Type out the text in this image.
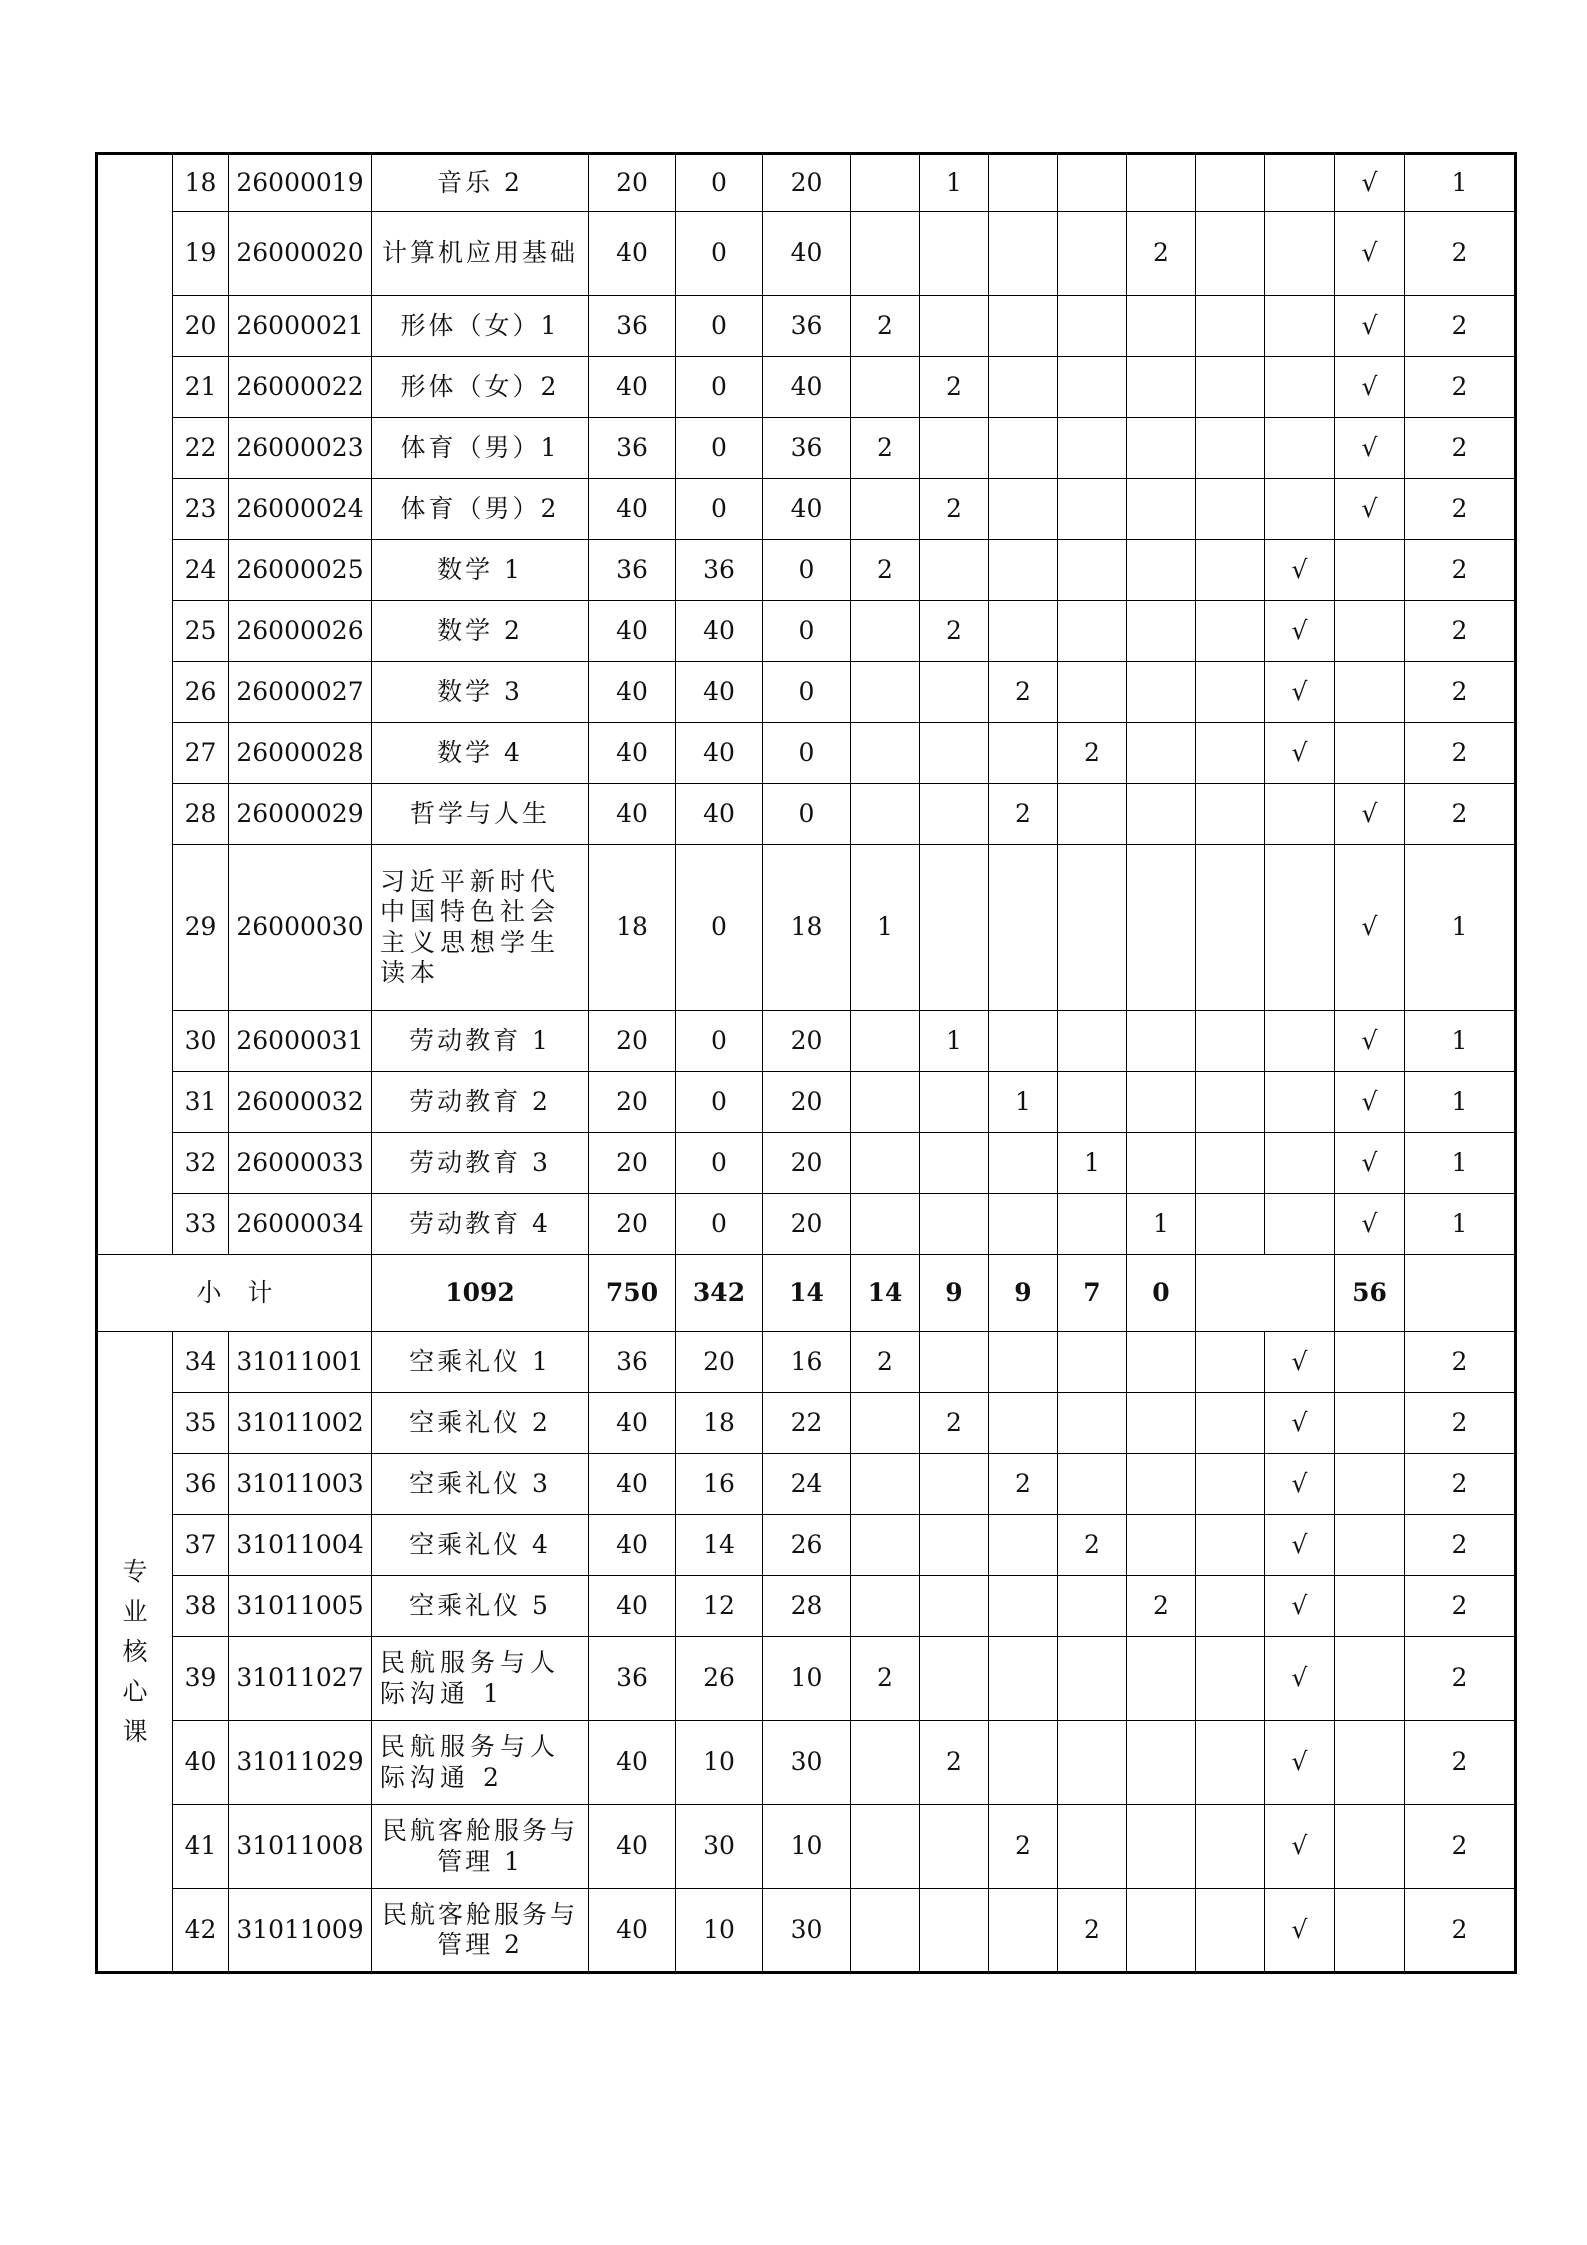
	18	26000019	音乐 2	20	0	20		1						√	1
	19	26000020	计算机应用基础	40	0	40					2			√	2
	20	26000021	形体（女）1	36	0	36	2							√	2
	21	26000022	形体（女）2	40	0	40		2						√	2
	22	26000023	体育（男）1	36	0	36	2							√	2
	23	26000024	体育（男）2	40	0	40		2						√	2
	24	26000025	数学 1	36	36	0	2						√		2
	25	26000026	数学 2	40	40	0		2					√		2
	26	26000027	数学 3	40	40	0			2				√		2
	27	26000028	数学 4	40	40	0				2			√		2
	28	26000029	哲学与人生	40	40	0			2					√	2
	29	26000030	习近平新时代中国特色社会主义思想学生读本	18	0	18	1							√	1
	30	26000031	劳动教育 1	20	0	20		1						√	1
	31	26000032	劳动教育 2	20	0	20			1					√	1
	32	26000033	劳动教育 3	20	0	20				1				√	1
	33	26000034	劳动教育 4	20	0	20					1			√	1
小 计			1092	750	342	14	14	9	9	7	0			56	

专业核心课	34	31011001	空乘礼仪 1	36	20	16	2						√		2
	35	31011002	空乘礼仪 2	40	18	22		2					√		2
	36	31011003	空乘礼仪 3	40	16	24			2				√		2
	37	31011004	空乘礼仪 4	40	14	26				2			√		2
	38	31011005	空乘礼仪 5	40	12	28					2		√		2
	39	31011027	民航服务与人际沟通 1	36	26	10	2						√		2
	40	31011029	民航服务与人际沟通 2	40	10	30		2					√		2
	41	31011008	民航客舱服务与管理 1	40	30	10			2				√		2
	42	31011009	民航客舱服务与管理 2	40	10	30				2			√		2
